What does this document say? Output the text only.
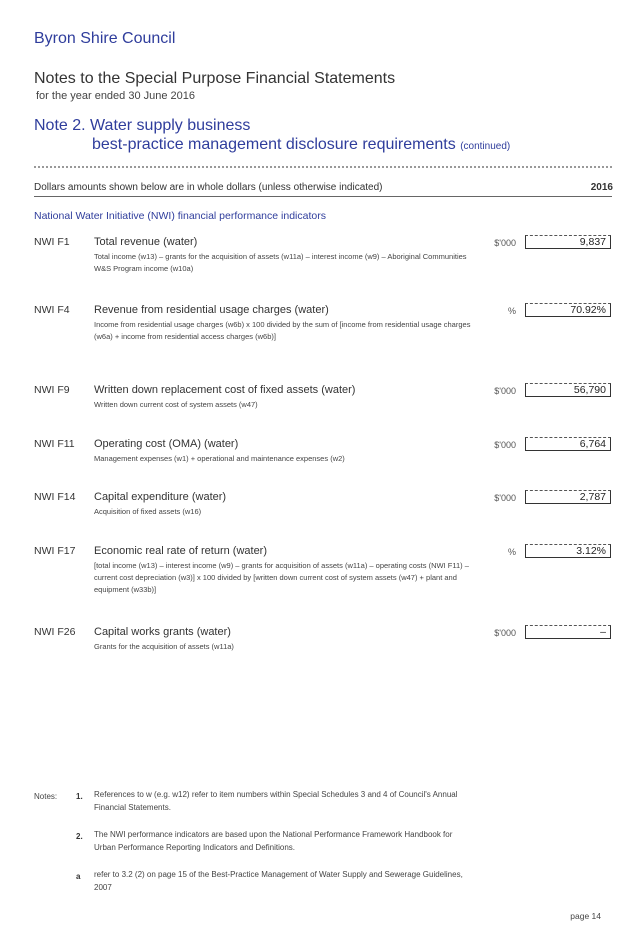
Byron Shire Council
Notes to the Special Purpose Financial Statements
for the year ended 30 June 2016
Note 2. Water supply business
best-practice management disclosure requirements (continued)
Dollars amounts shown below are in whole dollars (unless otherwise indicated)	2016
National Water Initiative (NWI) financial performance indicators
NWI F1 Total revenue (water)
Total income (w13) – grants for the acquisition of assets (w11a) – interest income (w9) – Aboriginal Communities W&S Program income (w10a)
$'000	9,837
NWI F4 Revenue from residential usage charges (water)
Income from residential usage charges (w6b) x 100 divided by the sum of [income from residential usage charges (w6a) + income from residential access charges (w6b)]
%	70.92%
NWI F9 Written down replacement cost of fixed assets (water)
Written down current cost of system assets (w47)
$'000	56,790
NWI F11 Operating cost (OMA) (water)
Management expenses (w1) + operational and maintenance expenses (w2)
$'000	6,764
NWI F14 Capital expenditure (water)
Acquisition of fixed assets (w16)
$'000	2,787
NWI F17 Economic real rate of return (water)
[total income (w13) – interest income (w9) – grants for acquisition of assets (w11a) – operating costs (NWI F11) – current cost depreciation (w3)] x 100 divided by [written down current cost of system assets (w47) + plant and equipment (w33b)]
%	3.12%
NWI F26 Capital works grants (water)
Grants for the acquisition of assets (w11a)
$'000	–
Notes: 1. References to w (e.g. w12) refer to item numbers within Special Schedules 3 and 4 of Council's Annual Financial Statements.
2. The NWI performance indicators are based upon the National Performance Framework Handbook for Urban Performance Reporting Indicators and Definitions.
a refer to 3.2 (2) on page 15 of the Best-Practice Management of Water Supply and Sewerage Guidelines, 2007
page 14
